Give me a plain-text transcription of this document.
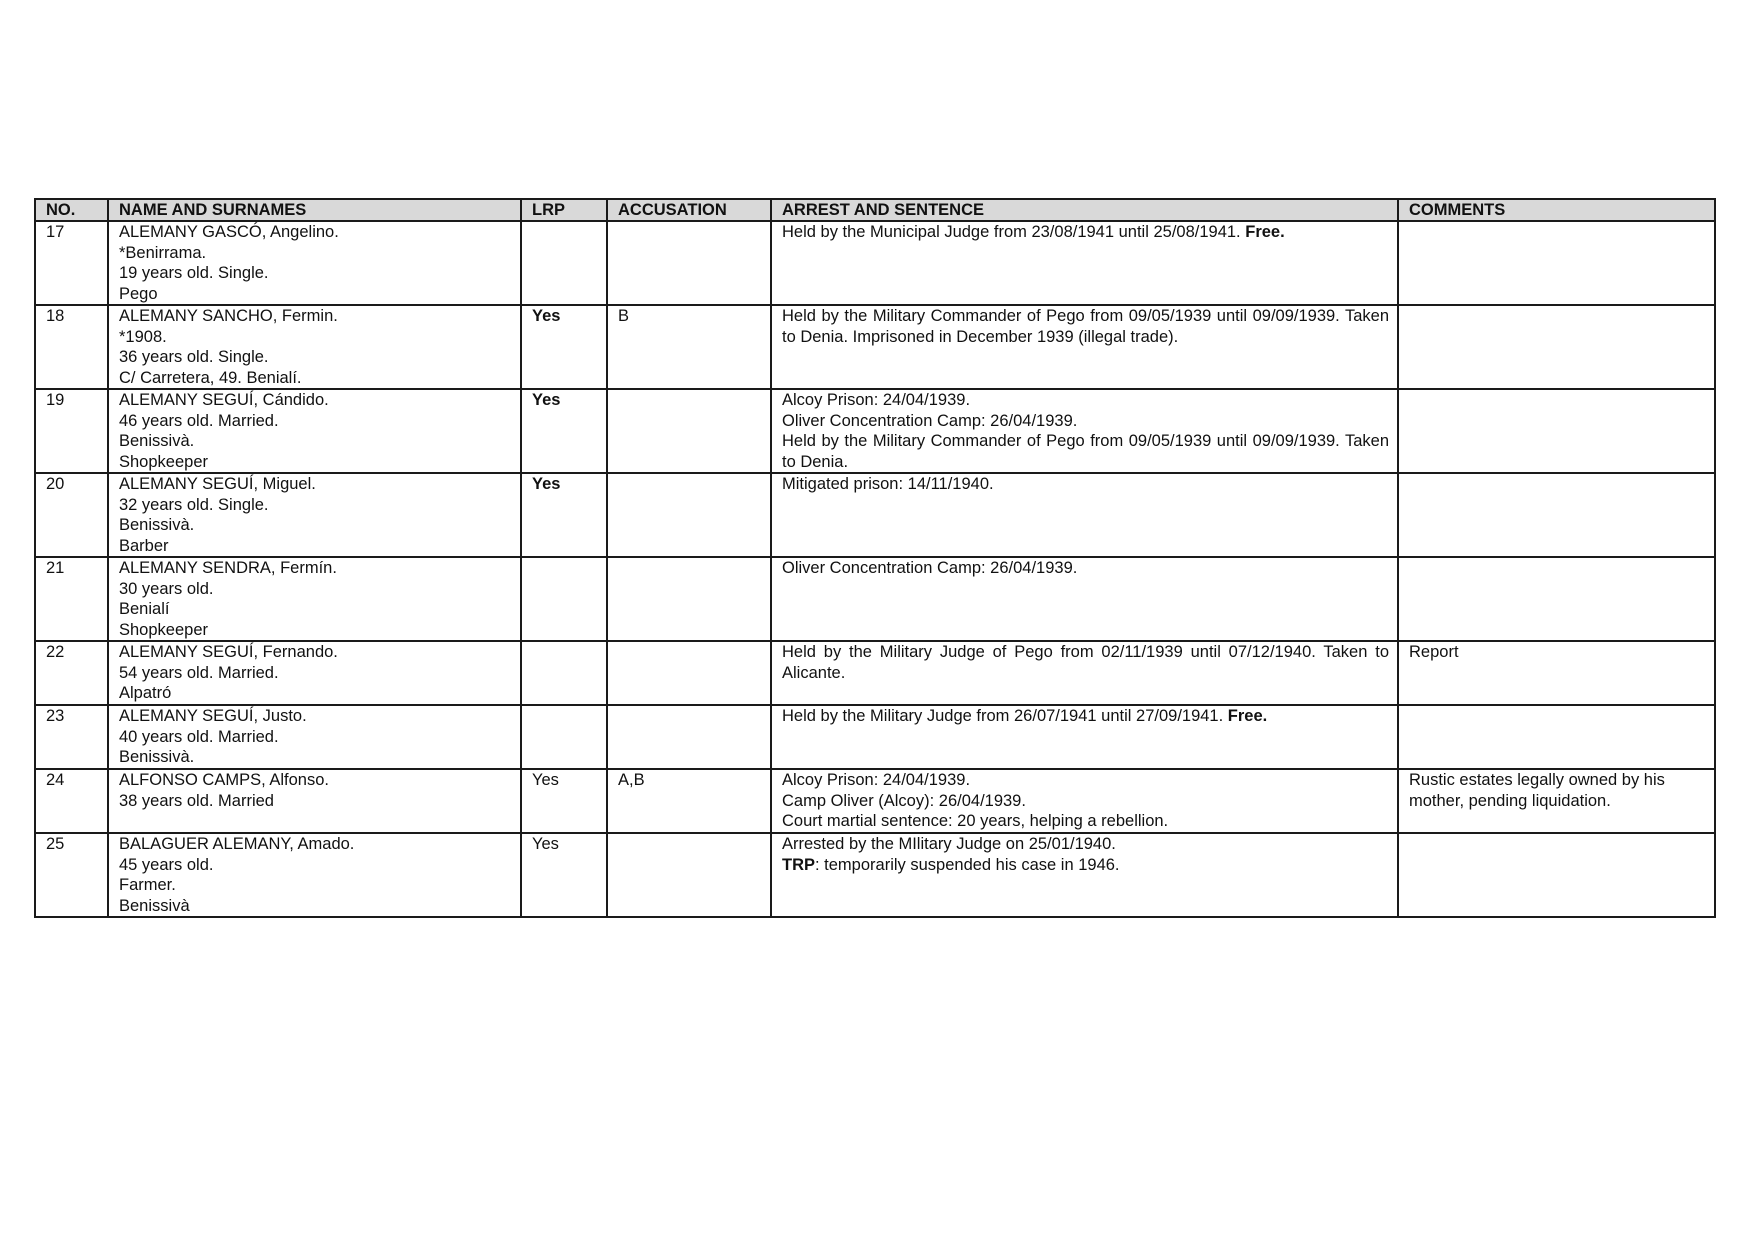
NO.	NAME AND SURNAMES	LRP	ACCUSATION	ARREST AND SENTENCE	COMMENTS
17	ALEMANY GASCÓ, Angelino.
*Benirrama.
19 years old. Single.
Pego			Held by the Municipal Judge from 23/08/1941 until 25/08/1941. Free.	
18	ALEMANY SANCHO, Fermin.
*1908.
36 years old. Single.
C/ Carretera, 49. Benialí.	Yes	B	Held by the Military Commander of Pego from 09/05/1939 until 09/09/1939. Taken to Denia. Imprisoned in December 1939 (illegal trade).	
19	ALEMANY SEGUÍ, Cándido.
46 years old. Married.
Benissivà.
Shopkeeper	Yes		Alcoy Prison: 24/04/1939.
Oliver Concentration Camp: 26/04/1939.
Held by the Military Commander of Pego from 09/05/1939 until 09/09/1939. Taken to Denia.	

20	ALEMANY SEGUÍ, Miguel.
32 years old. Single.
Benissivà.
Barber	Yes		Mitigated prison: 14/11/1940.	
21	ALEMANY SENDRA, Fermín.
30 years old.
Benialí
Shopkeeper			Oliver Concentration Camp: 26/04/1939.	
22	ALEMANY SEGUÍ, Fernando.
54 years old. Married.
Alpatró			Held by the Military Judge of Pego from 02/11/1939 until 07/12/1940. Taken to Alicante.	Report
23	ALEMANY SEGUÍ, Justo.
40 years old. Married.
Benissivà.			Held by the Military Judge from 26/07/1941 until 27/09/1941. Free.	
24	ALFONSO CAMPS, Alfonso.
38 years old. Married	Yes	A,B	Alcoy Prison: 24/04/1939.
Camp Oliver (Alcoy): 26/04/1939.
Court martial sentence: 20 years, helping a rebellion.	Rustic estates legally owned by his mother, pending liquidation.
25	BALAGUER ALEMANY, Amado.
45 years old.
Farmer.
Benissivà	Yes		Arrested by the MIlitary Judge on 25/01/1940.
TRP: temporarily suspended his case in 1946.	
